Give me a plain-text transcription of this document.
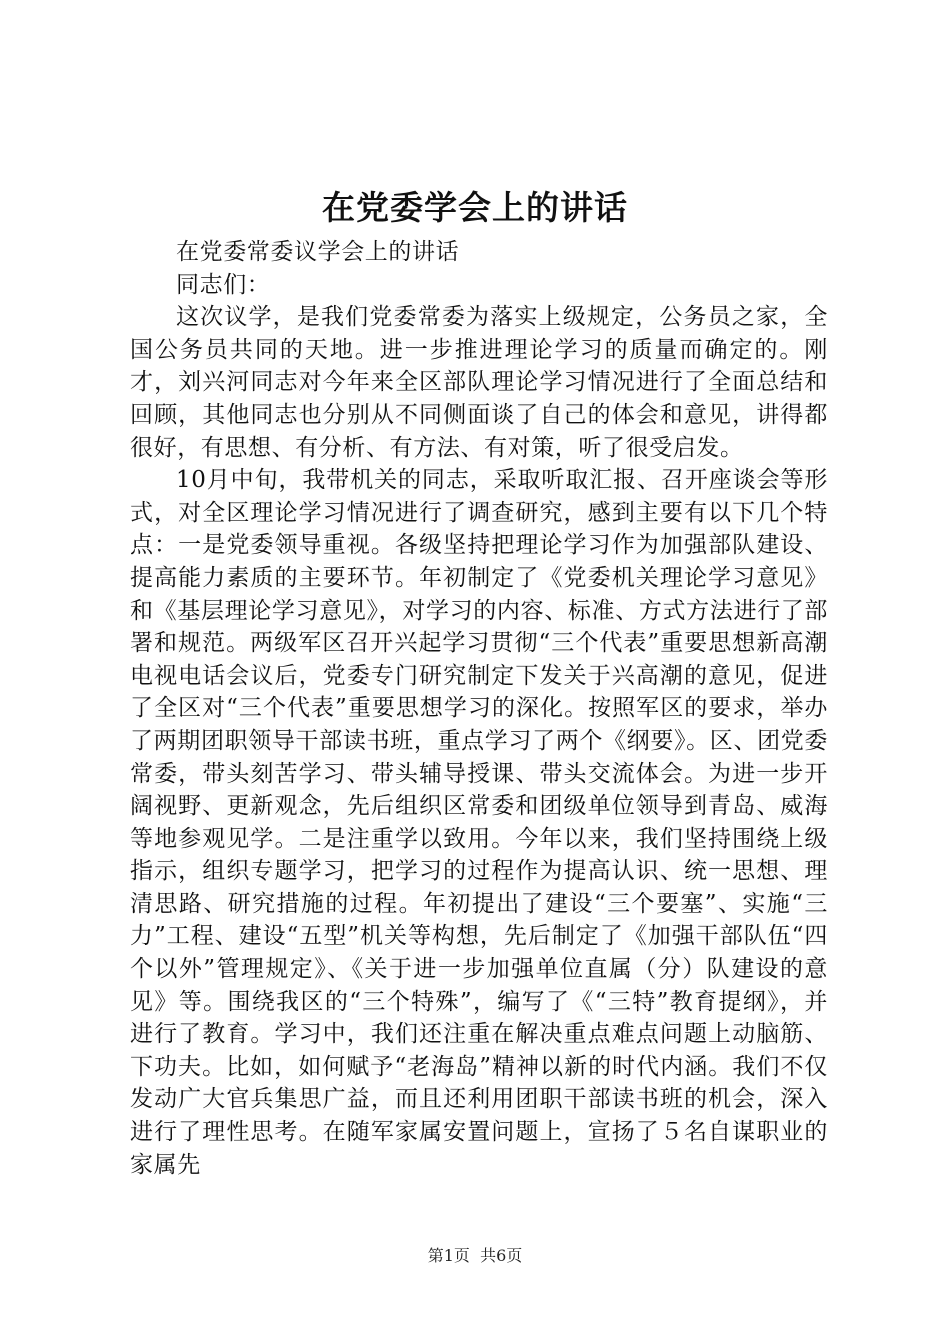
在党委学会上的讲话

在党委常委议学会上的讲话

同志们：

这次议学，是我们党委常委为落实上级规定，公务员之家，全国公务员共同的天地。进一步推进理论学习的质量而确定的。刚才，刘兴河同志对今年来全区部队理论学习情况进行了全面总结和回顾，其他同志也分别从不同侧面谈了自己的体会和意见，讲得都很好，有思想、有分析、有方法、有对策，听了很受启发。

10月中旬，我带机关的同志，采取听取汇报、召开座谈会等形式，对全区理论学习情况进行了调查研究，感到主要有以下几个特点：一是党委领导重视。各级坚持把理论学习作为加强部队建设、提高能力素质的主要环节。年初制定了《党委机关理论学习意见》和《基层理论学习意见》，对学习的内容、标准、方式方法进行了部署和规范。两级军区召开兴起学习贯彻“三个代表”重要思想新高潮电视电话会议后，党委专门研究制定下发关于兴高潮的意见，促进了全区对“三个代表”重要思想学习的深化。按照军区的要求，举办了两期团职领导干部读书班，重点学习了两个《纲要》。区、团党委常委，带头刻苦学习、带头辅导授课、带头交流体会。为进一步开阔视野、更新观念，先后组织区常委和团级单位领导到青岛、威海等地参观见学。二是注重学以致用。今年以来，我们坚持围绕上级指示，组织专题学习，把学习的过程作为提高认识、统一思想、理清思路、研究措施的过程。年初提出了建设“三个要塞”、实施“三力”工程、建设“五型”机关等构想，先后制定了《加强干部队伍“四个以外”管理规定》、《关于进一步加强单位直属（分）队建设的意见》等。围绕我区的“三个特殊”，编写了《“三特”教育提纲》，并进行了教育。学习中，我们还注重在解决重点难点问题上动脑筋、下功夫。比如，如何赋予“老海岛”精神以新的时代内涵。我们不仅发动广大官兵集思广益，而且还利用团职干部读书班的机会，深入进行了理性思考。在随军家属安置问题上，宣扬了５名自谋职业的家属先

第1页 共6页
